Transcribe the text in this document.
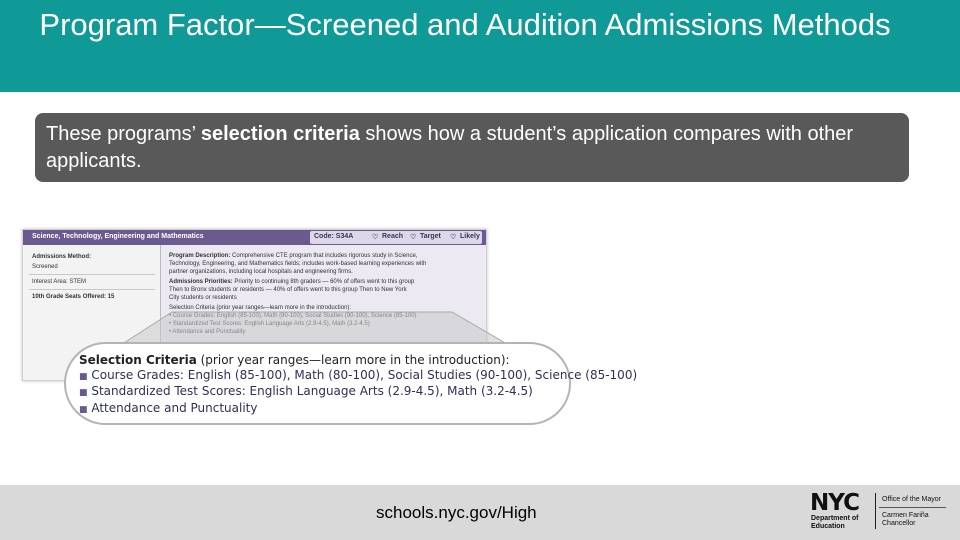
Program Factor—Screened and Audition Admissions Methods
These programs’ selection criteria shows how a student’s application compares with other applicants.
Science, Technology, Engineering and Mathematics	Code: S34A	♡ Reach ♡ Target ♡ Likely
Admissions Method:
Screened
Interest Area: STEM
10th Grade Seats Offered: 15
Program Description: Comprehensive CTE program that includes rigorous study in Science,
Technology, Engineering, and Mathematics fields; includes work-based learning experiences with
partner organizations, including local hospitals and engineering firms.
Admissions Priorities: Priority to continuing 8th graders — 60% of offers went to this group
Then to Bronx students or residents — 40% of offers went to this group Then to New York
City students or residents
Selection Criteria (prior year ranges—learn more in the introduction):
Selection Criteria (prior year ranges—learn more in the introduction):
■ Course Grades: English (85-100), Math (80-100), Social Studies (90-100), Science (85-100)
■ Standardized Test Scores: English Language Arts (2.9-4.5), Math (3.2-4.5)
■ Attendance and Punctuality
schools.nyc.gov/High	NYC
Department of
Education
Office of the Mayor
Carmen Fariña
Chancellor
